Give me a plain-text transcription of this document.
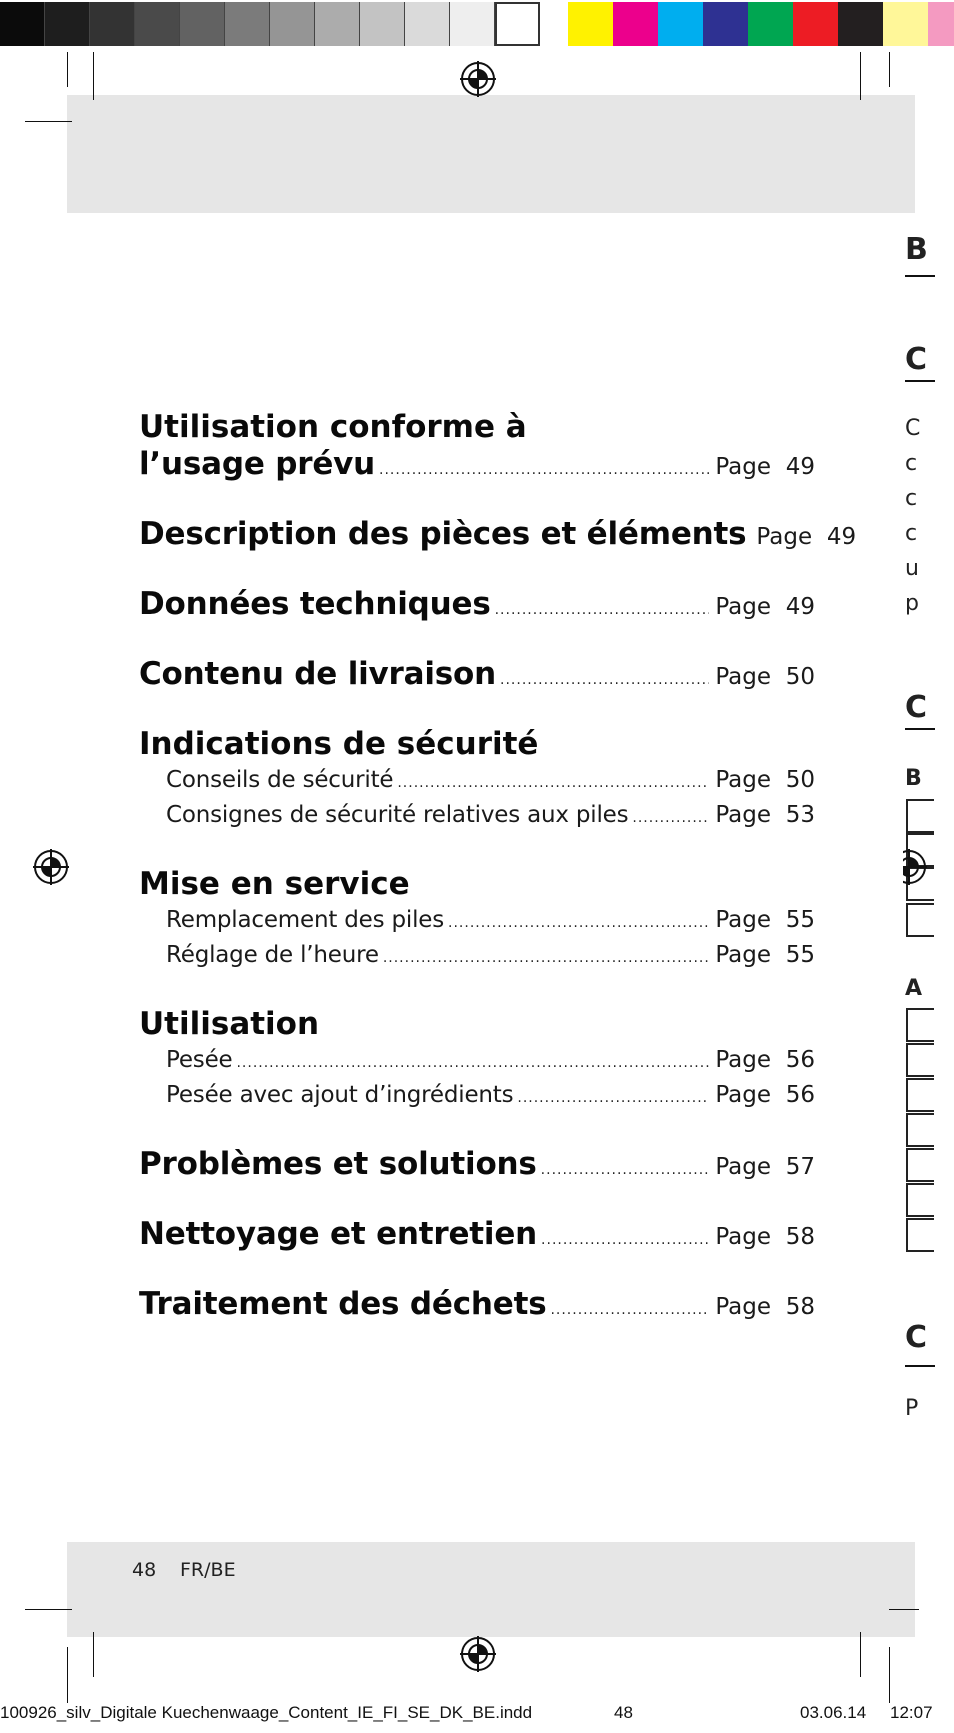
Utilisation conforme à
l’usage prévu .....	Page 49
Description des pièces et éléments Page 49
Données techniques .....	Page 49
Contenu de livraison .....	Page 50
Indications de sécurité
Conseils de sécurité .....	Page 50
Consignes de sécurité relatives aux piles .....	Page 53
Mise en service
Remplacement des piles .....	Page 55
Réglage de l’heure .....	Page 55
Utilisation
Pesée .....	Page 56
Pesée avec ajout d’ingrédients .....	Page 56
Problèmes et solutions .....	Page 57
Nettoyage et entretien .....	Page 58
Traitement des déchets .....	Page 58
48 FR/BE
100926_silv_Digitale Kuechenwaage_Content_IE_FI_SE_DK_BE.indd	48	03.06.14 12:07
B
C
C
c
c
c
u
p
C
B
A
C
P
